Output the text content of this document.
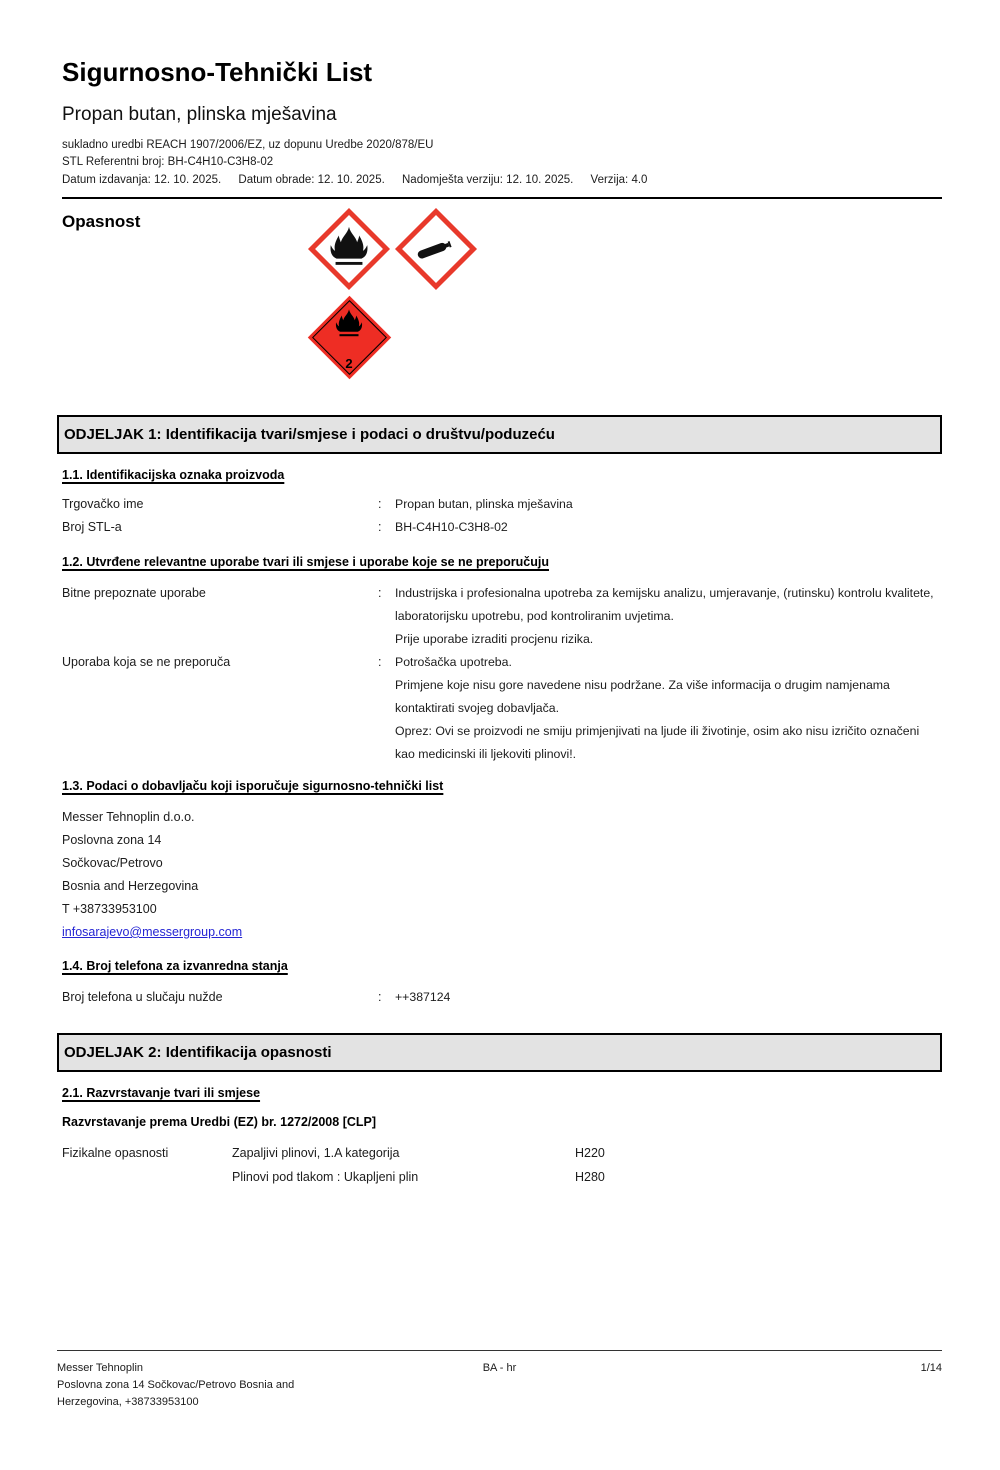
Sigurnosno-Tehnički List
Propan butan, plinska mješavina
sukladno uredbi REACH 1907/2006/EZ, uz dopunu Uredbe 2020/878/EU
STL Referentni broj: BH-C4H10-C3H8-02
Datum izdavanja: 12. 10. 2025. Datum obrade: 12. 10. 2025. Nadomješta verziju: 12. 10. 2025. Verzija: 4.0
Opasnost
2
ODJELJAK 1: Identifikacija tvari/smjese i podaci o društvu/poduzeću
1.1. Identifikacijska oznaka proizvoda
Trgovačko ime	:	Propan butan, plinska mješavina
Broj STL-a	:	BH-C4H10-C3H8-02
1.2. Utvrđene relevantne uporabe tvari ili smjese i uporabe koje se ne preporučuju
Bitne prepoznate uporabe	:	Industrijska i profesionalna upotreba za kemijsku analizu, umjeravanje, (rutinsku) kontrolu kvalitete, laboratorijsku upotrebu, pod kontroliranim uvjetima.

Prije uporabe izraditi procjenu rizika.

Uporaba koja se ne preporuča	:	Potrošačka upotreba.

Primjene koje nisu gore navedene nisu podržane. Za više informacija o drugim namjenama kontaktirati svojeg dobavljača.

Oprez: Ovi se proizvodi ne smiju primjenjivati na ljude ili životinje, osim ako nisu izričito označeni kao medicinski ili ljekoviti plinovi!.

1.3. Podaci o dobavljaču koji isporučuje sigurnosno-tehnički list
Messer Tehnoplin d.o.o.
Poslovna zona 14
Sočkovac/Petrovo
Bosnia and Herzegovina
T +38733953100
infosarajevo@messergroup.com
1.4. Broj telefona za izvanredna stanja
Broj telefona u slučaju nužde	:	++387124
ODJELJAK 2: Identifikacija opasnosti
2.1. Razvrstavanje tvari ili smjese
Razvrstavanje prema Uredbi (EZ) br. 1272/2008 [CLP]
Fizikalne opasnosti	Zapaljivi plinovi, 1.A kategorija	H220
Plinovi pod tlakom : Ukapljeni plin	H280
Messer Tehnoplin
Poslovna zona 14 Sočkovac/Petrovo Bosnia and
Herzegovina, +38733953100
BA - hr	1/14
